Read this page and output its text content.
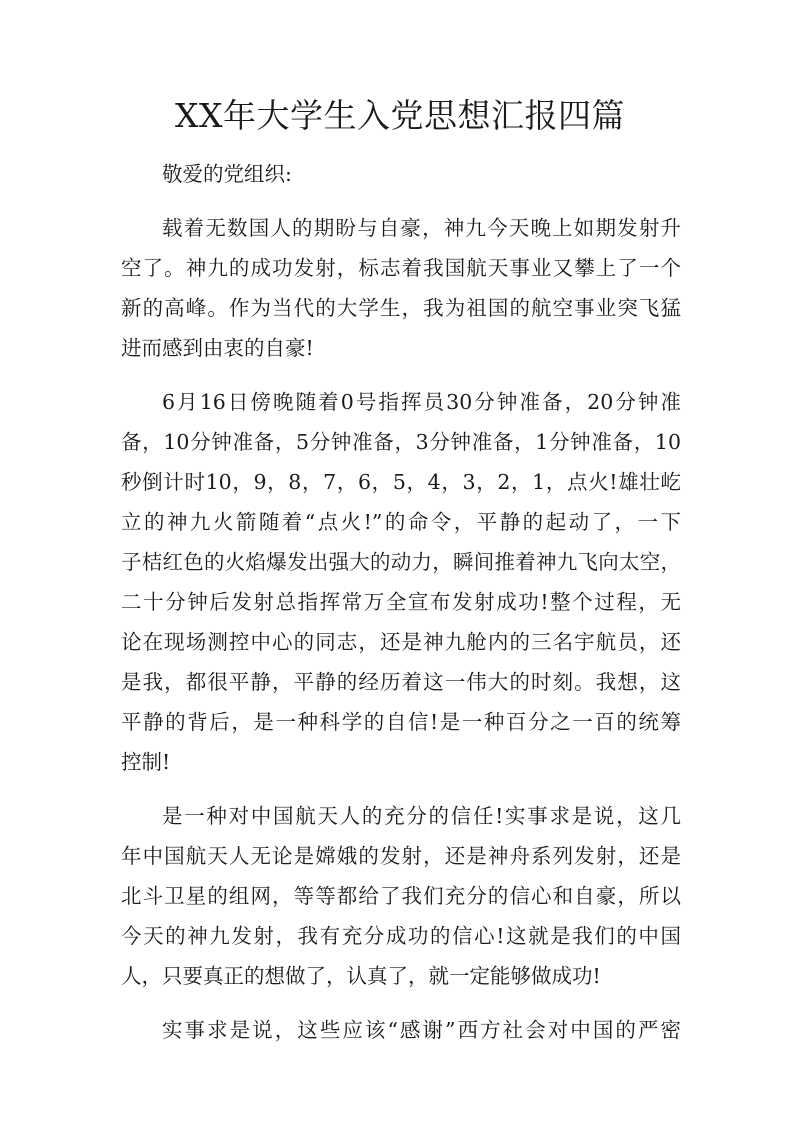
XX年大学生入党思想汇报四篇

敬爱的党组织:

载着无数国人的期盼与自豪，神九今天晚上如期发射升
空了。神九的成功发射，标志着我国航天事业又攀上了一个
新的高峰。作为当代的大学生，我为祖国的航空事业突飞猛
进而感到由衷的自豪!

6月16日傍晚随着0号指挥员30分钟准备，20分钟准
备，10分钟准备，5分钟准备，3分钟准备，1分钟准备，10
秒倒计时10，9，8，7，6，5，4，3，2，1，点火!雄壮屹
立的神九火箭随着“点火!”的命令，平静的起动了，一下
子桔红色的火焰爆发出强大的动力，瞬间推着神九飞向太空，
二十分钟后发射总指挥常万全宣布发射成功!整个过程，无
论在现场测控中心的同志，还是神九舱内的三名宇航员，还
是我，都很平静，平静的经历着这一伟大的时刻。我想，这
平静的背后，是一种科学的自信!是一种百分之一百的统筹
控制!

是一种对中国航天人的充分的信任!实事求是说，这几
年中国航天人无论是嫦娥的发射，还是神舟系列发射，还是
北斗卫星的组网，等等都给了我们充分的信心和自豪，所以
今天的神九发射，我有充分成功的信心!这就是我们的中国
人，只要真正的想做了，认真了，就一定能够做成功!

实事求是说，这些应该“感谢”西方社会对中国的严密
